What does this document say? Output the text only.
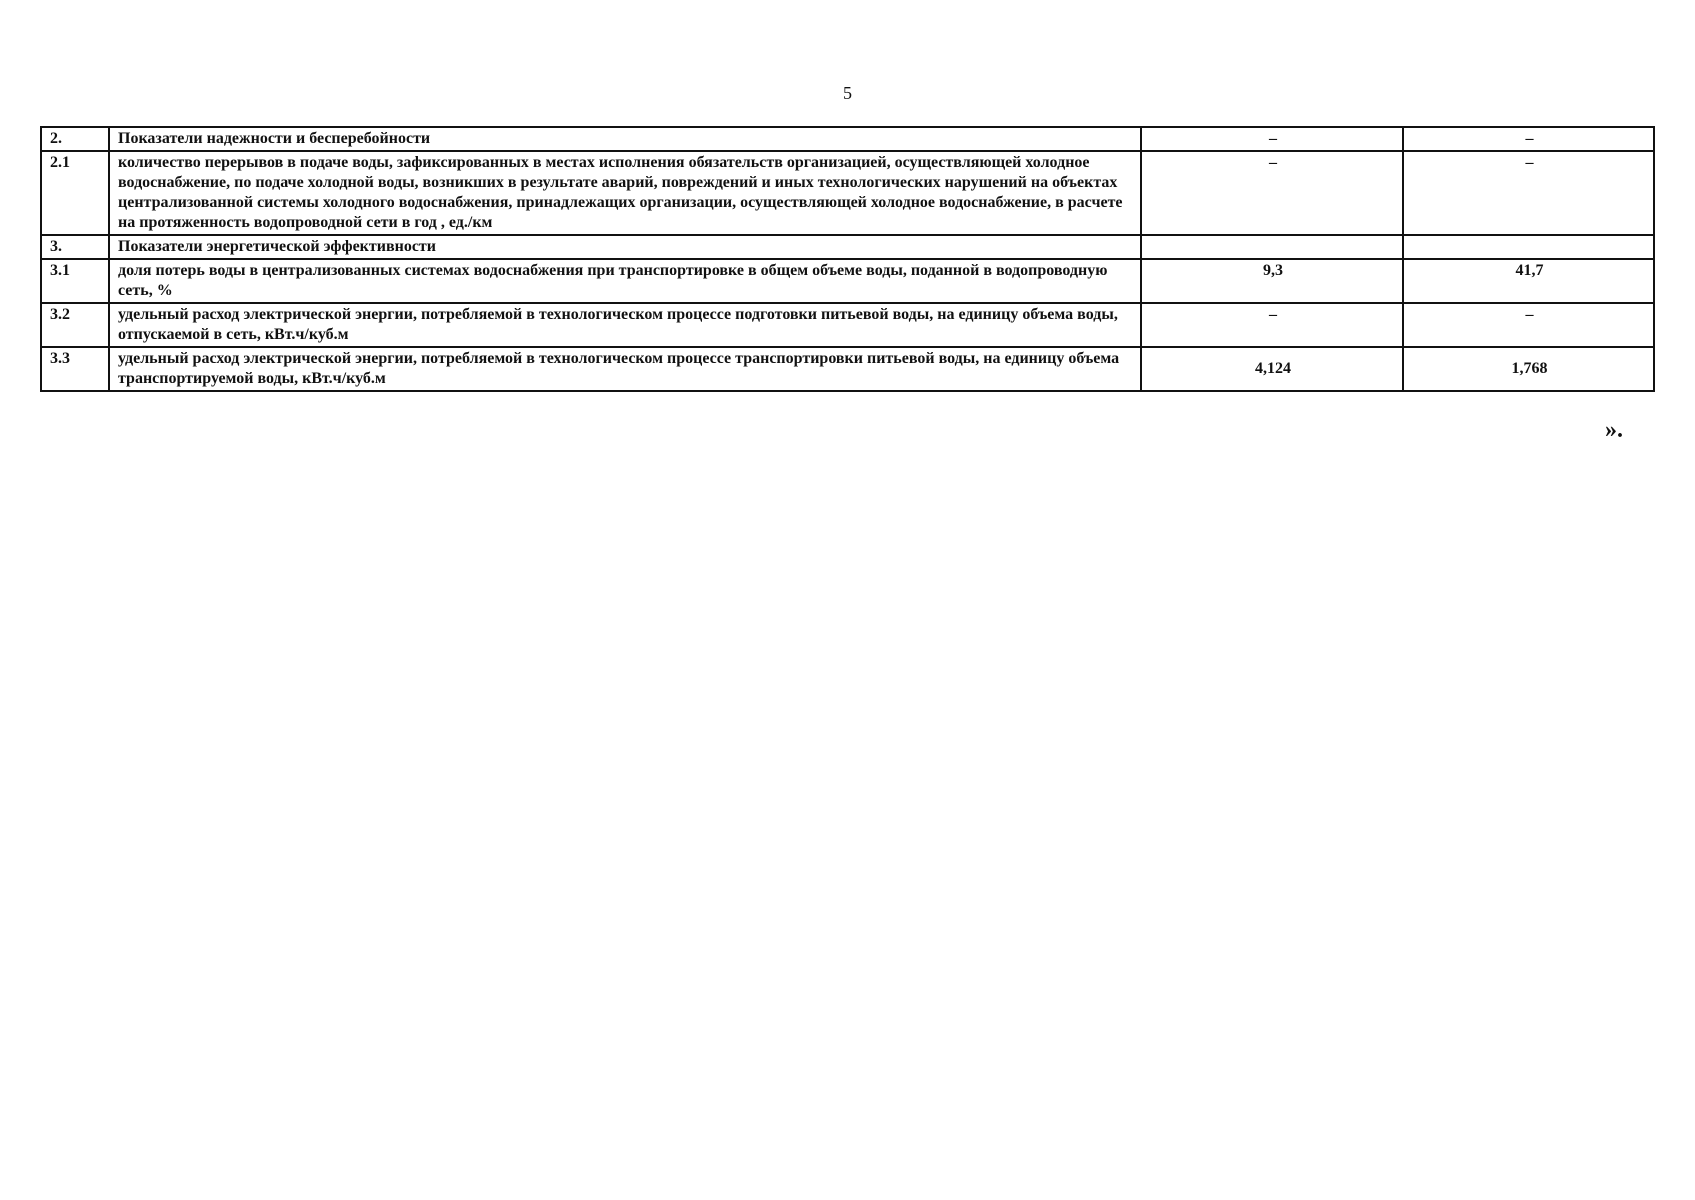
5
2.	Показатели надежности и бесперебойности	–	–
2.1	количество перерывов в подаче воды, зафиксированных в местах исполнения обязательств организацией, осуществляющей холодное водоснабжение, по подаче холодной воды, возникших в результате аварий, повреждений и иных технологических нарушений на объектах централизованной системы холодного водоснабжения, принадлежащих организации, осуществляющей холодное водоснабжение, в расчете на протяженность водопроводной сети в год , ед./км	–	–
3.	Показатели энергетической эффективности		
3.1	доля потерь воды в централизованных системах водоснабжения при транспортировке в общем объеме воды, поданной в водопроводную сеть, %	9,3	41,7
3.2	удельный расход электрической энергии, потребляемой в технологическом процессе подготовки питьевой воды, на единицу объема воды, отпускаемой в сеть, кВт.ч/куб.м	–	–
3.3	удельный расход электрической энергии, потребляемой в технологическом процессе транспортировки питьевой воды, на единицу объема транспортируемой воды, кВт.ч/куб.м	4,124	1,768
».
